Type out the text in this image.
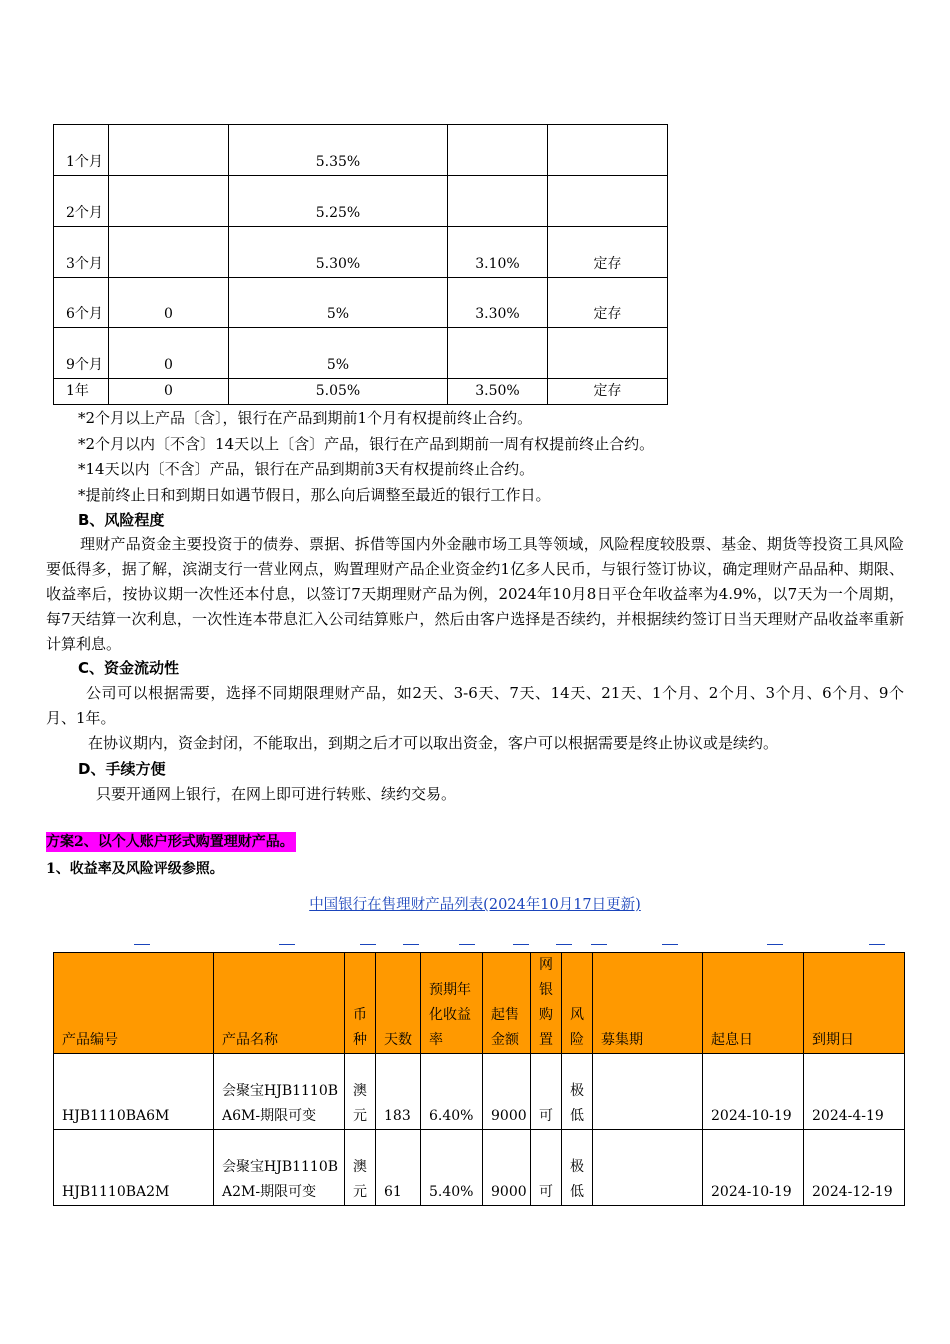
1个月		5.35%		
2个月		5.25%		
3个月		5.30%	3.10%	定存
6个月	0	5%	3.30%	定存
9个月	0	5%		
1年	0	5.05%	3.50%	定存
*2个月以上产品〔含〕，银行在产品到期前1个月有权提前终止合约。
*2个月以内〔不含〕14天以上〔含〕产品，银行在产品到期前一周有权提前终止合约。
*14天以内〔不含〕产品，银行在产品到期前3天有权提前终止合约。
*提前终止日和到期日如遇节假日，那么向后调整至最近的银行工作日。
B、风险程度
理财产品资金主要投资于的债券、票据、拆借等国内外金融市场工具等领域，风险程度较股票、基金、期货等投资工具风险要低得多，据了解，滨湖支行一营业网点，购置理财产品企业资金约1亿多人民币，与银行签订协议，确定理财产品品种、期限、收益率后，按协议期一次性还本付息，以签订7天期理财产品为例，2024年10月8日平仓年收益率为4.9%，以7天为一个周期，每7天结算一次利息，一次性连本带息汇入公司结算账户，然后由客户选择是否续约，并根据续约签订日当天理财产品收益率重新计算利息。
C、资金流动性
公司可以根据需要，选择不同期限理财产品，如2天、3-6天、7天、14天、21天、1个月、2个月、3个月、6个月、9个月、1年。
在协议期内，资金封闭，不能取出，到期之后才可以取出资金，客户可以根据需要是终止协议或是续约。
D、手续方便
只要开通网上银行，在网上即可进行转账、续约交易。
方案2、以个人账户形式购置理财产品。
1、收益率及风险评级参照。
中国银行在售理财产品列表(2024年10月17日更新)
产品编号	产品名称	币种	天数	预期年化收益率	起售金额	网银购置	风险	募集期	起息日	到期日
HJB1110BA6M	会聚宝HJB1110BA6M-期限可变	澳元	183	6.40%	9000	可	极低		2024-10-19	2024-4-19
HJB1110BA2M	会聚宝HJB1110BA2M-期限可变	澳元	61	5.40%	9000	可	极低		2024-10-19	2024-12-19
